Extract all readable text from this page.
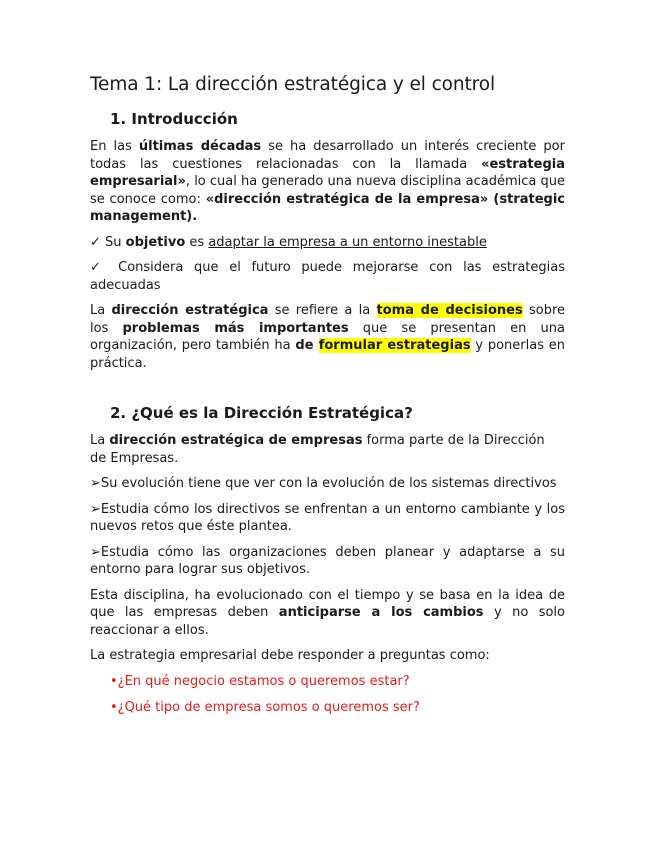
Tema 1: La dirección estratégica y el control
1. Introducción

En las últimas décadas se ha desarrollado un interés creciente por todas las cuestiones relacionadas con la llamada «estrategia empresarial», lo cual ha generado una nueva disciplina académica que se conoce como: «dirección estratégica de la empresa» (strategic management).

✓ Su objetivo es adaptar la empresa a un entorno inestable

✓ Considera que el futuro puede mejorarse con las estrategias adecuadas

La dirección estratégica se refiere a la toma de decisiones sobre los problemas más importantes que se presentan en una organización, pero también ha de formular estrategias y ponerlas en práctica.

2. ¿Qué es la Dirección Estratégica?

La dirección estratégica de empresas forma parte de la Dirección de Empresas.

➢Su evolución tiene que ver con la evolución de los sistemas directivos

➢Estudia cómo los directivos se enfrentan a un entorno cambiante y los nuevos retos que éste plantea.

➢Estudia cómo las organizaciones deben planear y adaptarse a su entorno para lograr sus objetivos.

Esta disciplina, ha evolucionado con el tiempo y se basa en la idea de que las empresas deben anticiparse a los cambios y no solo reaccionar a ellos.

La estrategia empresarial debe responder a preguntas como:

•¿En qué negocio estamos o queremos estar?

•¿Qué tipo de empresa somos o queremos ser?
